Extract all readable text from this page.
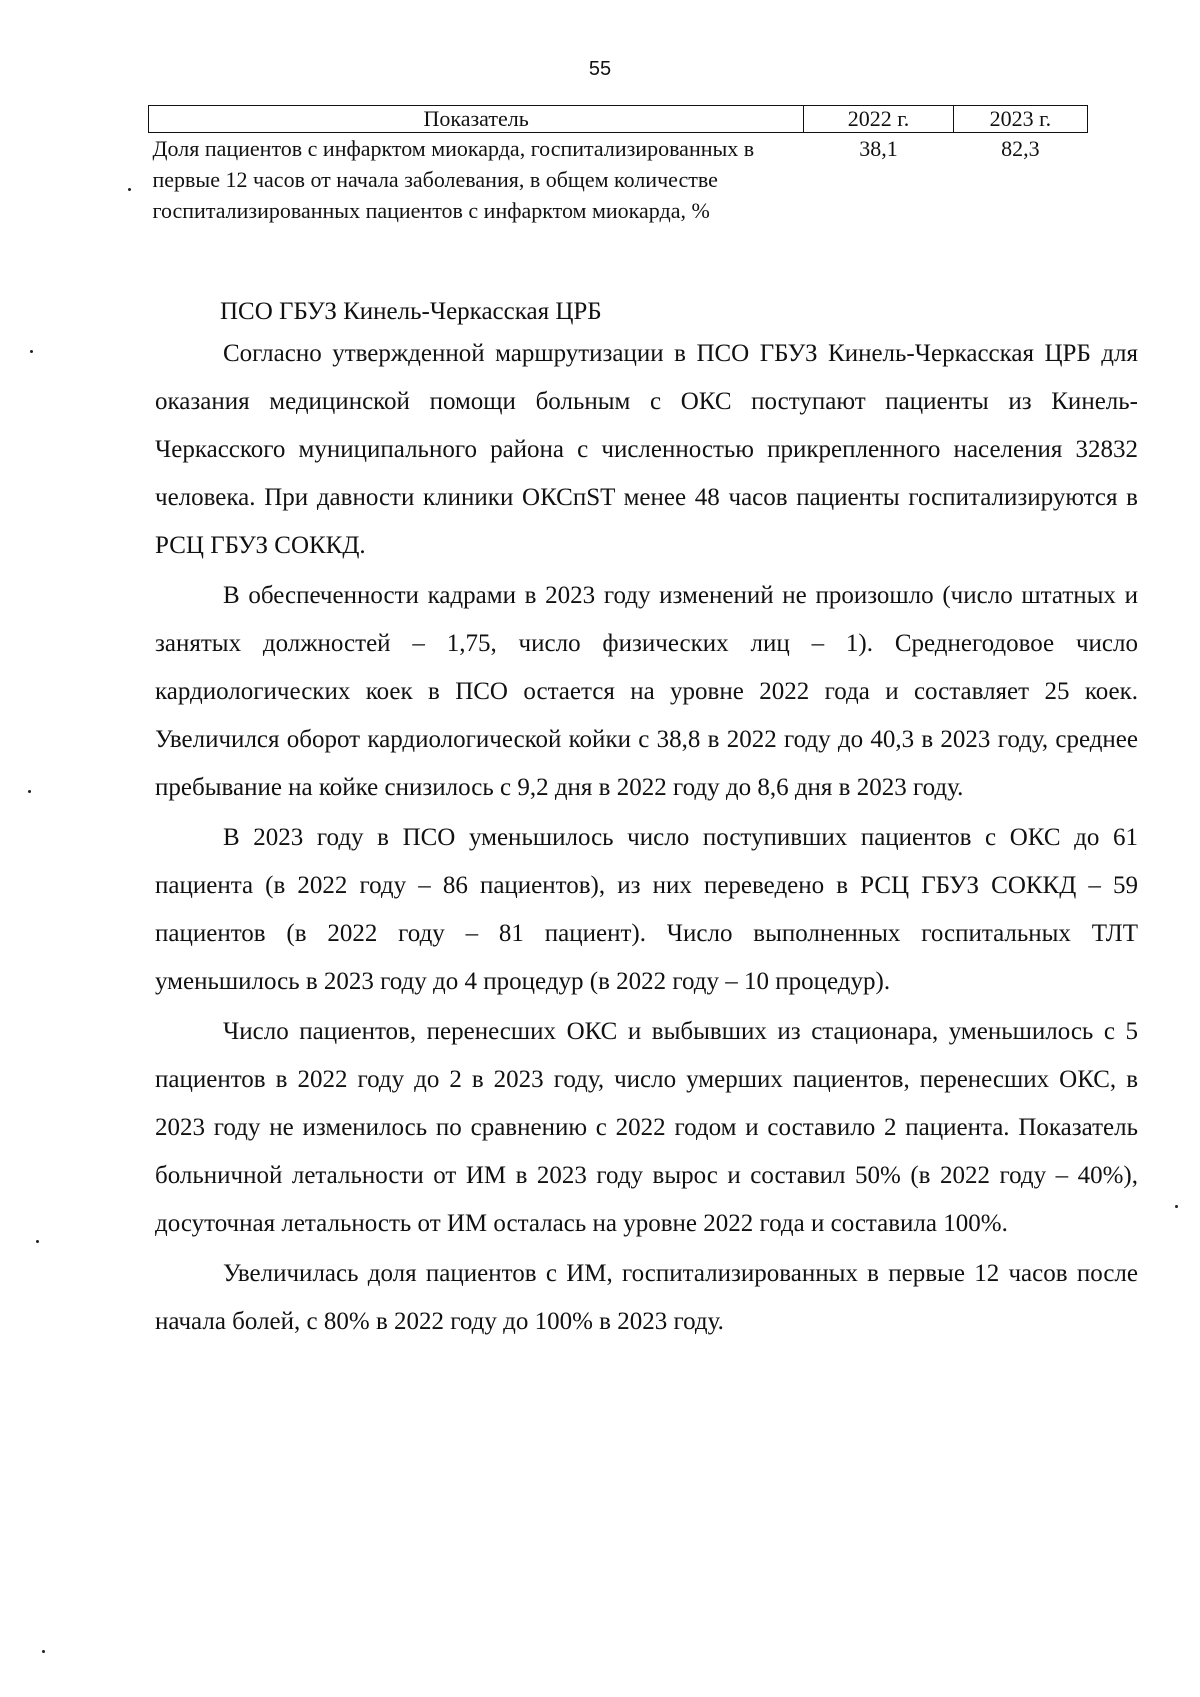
55
Показатель	2022 г.	2023 г.
Доля пациентов с инфарктом миокарда, госпитализированных в первые 12 часов от начала заболевания, в общем количестве госпитализированных пациентов с инфарктом миокарда, %	38,1	82,3
ПСО ГБУЗ Кинель-Черкасская ЦРБ

Согласно утвержденной маршрутизации в ПСО ГБУЗ Кинель-Черкасская ЦРБ для оказания медицинской помощи больным с ОКС поступают пациенты из Кинель-Черкасского муниципального района с численностью прикрепленного населения 32832 человека. При давности клиники ОКСпST менее 48 часов пациенты госпитализируются в РСЦ ГБУЗ СОККД.

В обеспеченности кадрами в 2023 году изменений не произошло (число штатных и занятых должностей – 1,75, число физических лиц – 1). Среднегодовое число кардиологических коек в ПСО остается на уровне 2022 года и составляет 25 коек. Увеличился оборот кардиологической койки с 38,8 в 2022 году до 40,3 в 2023 году, среднее пребывание на койке снизилось с 9,2 дня в 2022 году до 8,6 дня в 2023 году.

В 2023 году в ПСО уменьшилось число поступивших пациентов с ОКС до 61 пациента (в 2022 году – 86 пациентов), из них переведено в РСЦ ГБУЗ СОККД – 59 пациентов (в 2022 году – 81 пациент). Число выполненных госпитальных ТЛТ уменьшилось в 2023 году до 4 процедур (в 2022 году – 10 процедур).

Число пациентов, перенесших ОКС и выбывших из стационара, уменьшилось с 5 пациентов в 2022 году до 2 в 2023 году, число умерших пациентов, перенесших ОКС, в 2023 году не изменилось по сравнению с 2022 годом и составило 2 пациента. Показатель больничной летальности от ИМ в 2023 году вырос и составил 50% (в 2022 году – 40%), досуточная летальность от ИМ осталась на уровне 2022 года и составила 100%.

Увеличилась доля пациентов с ИМ, госпитализированных в первые 12 часов после начала болей, с 80% в 2022 году до 100% в 2023 году.
